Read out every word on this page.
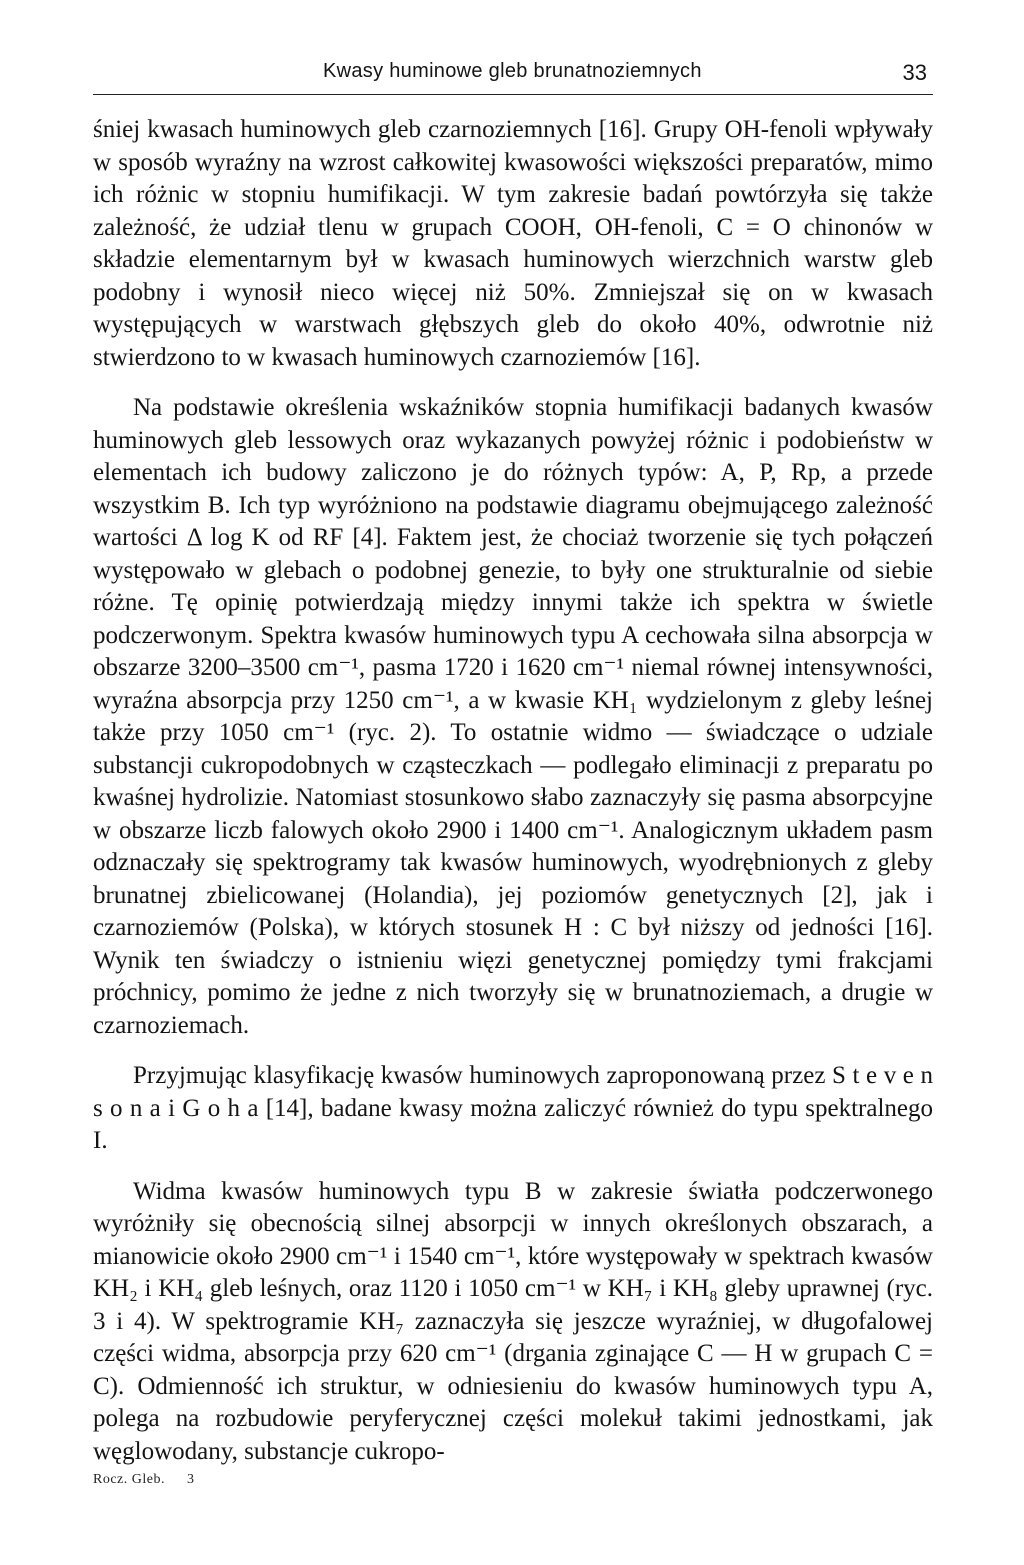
Kwasy huminowe gleb brunatnoziemnych	33

śniej kwasach huminowych gleb czarnoziemnych [16]. Grupy OH-fenoli wpływały w sposób wyraźny na wzrost całkowitej kwasowości większości preparatów, mimo ich różnic w stopniu humifikacji. W tym zakresie badań powtórzyła się także zależność, że udział tlenu w grupach COOH, OH-fenoli, C = O chinonów w składzie elementarnym był w kwasach huminowych wierzchnich warstw gleb podobny i wynosił nieco więcej niż 50%. Zmniejszał się on w kwasach występujących w warstwach głębszych gleb do około 40%, odwrotnie niż stwierdzono to w kwasach huminowych czarnoziemów [16].

Na podstawie określenia wskaźników stopnia humifikacji badanych kwasów huminowych gleb lessowych oraz wykazanych powyżej różnic i podobieństw w elementach ich budowy zaliczono je do różnych typów: A, P, Rp, a przede wszystkim B. Ich typ wyróżniono na podstawie diagramu obejmującego zależność wartości Δ log K od RF [4]. Faktem jest, że chociaż tworzenie się tych połączeń występowało w glebach o podobnej genezie, to były one strukturalnie od siebie różne. Tę opinię potwierdzają między innymi także ich spektra w świetle podczerwonym. Spektra kwasów huminowych typu A cechowała silna absorpcja w obszarze 3200–3500 cm⁻¹, pasma 1720 i 1620 cm⁻¹ niemal równej intensywności, wyraźna absorpcja przy 1250 cm⁻¹, a w kwasie KH₁ wydzielonym z gleby leśnej także przy 1050 cm⁻¹ (ryc. 2). To ostatnie widmo — świadczące o udziale substancji cukropodobnych w cząsteczkach — podlegało eliminacji z preparatu po kwaśnej hydrolizie. Natomiast stosunkowo słabo zaznaczyły się pasma absorpcyjne w obszarze liczb falowych około 2900 i 1400 cm⁻¹. Analogicznym układem pasm odznaczały się spektrogramy tak kwasów huminowych, wyodrębnionych z gleby brunatnej zbielicowanej (Holandia), jej poziomów genetycznych [2], jak i czarnoziemów (Polska), w których stosunek H : C był niższy od jedności [16]. Wynik ten świadczy o istnieniu więzi genetycznej pomiędzy tymi frakcjami próchnicy, pomimo że jedne z nich tworzyły się w brunatnoziemach, a drugie w czarnoziemach.

Przyjmując klasyfikację kwasów huminowych zaproponowaną przez S t e v e n s o n a i G o h a [14], badane kwasy można zaliczyć również do typu spektralnego I.

Widma kwasów huminowych typu B w zakresie światła podczerwonego wyróżniły się obecnością silnej absorpcji w innych określonych obszarach, a mianowicie około 2900 cm⁻¹ i 1540 cm⁻¹, które występowały w spektrach kwasów KH₂ i KH₄ gleb leśnych, oraz 1120 i 1050 cm⁻¹ w KH₇ i KH₈ gleby uprawnej (ryc. 3 i 4). W spektrogramie KH₇ zaznaczyła się jeszcze wyraźniej, w długofalowej części widma, absorpcja przy 620 cm⁻¹ (drgania zginające C — H w grupach C = C). Odmienność ich struktur, w odniesieniu do kwasów huminowych typu A, polega na rozbudowie peryferycznej części molekuł takimi jednostkami, jak węglowodany, substancje cukropo-

Rocz. Gleb. 3
